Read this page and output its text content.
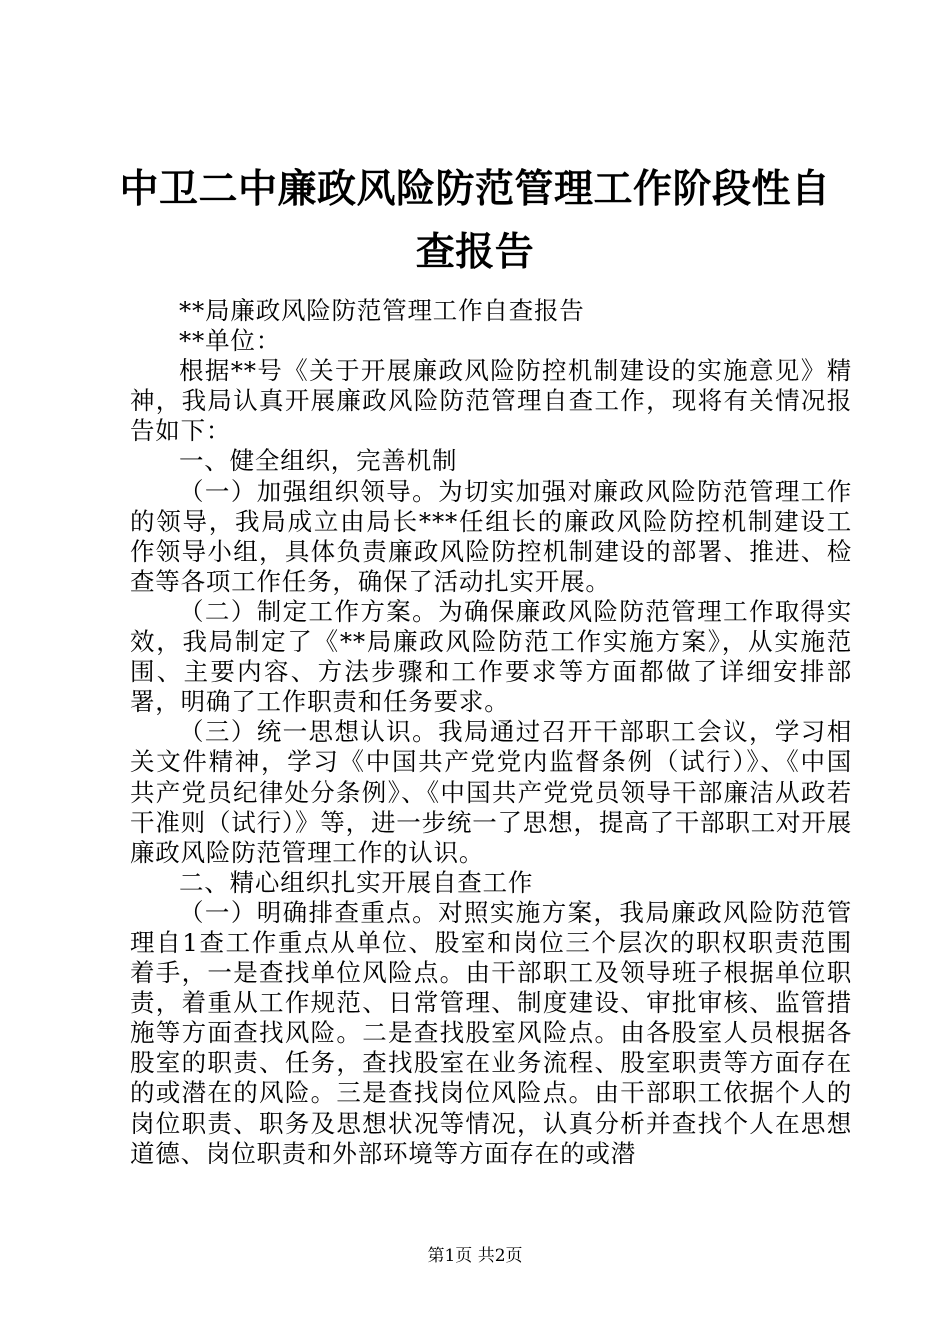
中卫二中廉政风险防范管理工作阶段性自查报告

**局廉政风险防范管理工作自查报告

**单位：

根据**号《关于开展廉政风险防控机制建设的实施意见》精神，我局认真开展廉政风险防范管理自查工作，现将有关情况报告如下：

一、健全组织，完善机制

（一）加强组织领导。为切实加强对廉政风险防范管理工作的领导，我局成立由局长***任组长的廉政风险防控机制建设工作领导小组，具体负责廉政风险防控机制建设的部署、推进、检查等各项工作任务，确保了活动扎实开展。

（二）制定工作方案。为确保廉政风险防范管理工作取得实效，我局制定了《**局廉政风险防范工作实施方案》，从实施范围、主要内容、方法步骤和工作要求等方面都做了详细安排部署，明确了工作职责和任务要求。

（三）统一思想认识。我局通过召开干部职工会议，学习相关文件精神，学习《中国共产党党内监督条例（试行）》、《中国共产党员纪律处分条例》、《中国共产党党员领导干部廉洁从政若干准则（试行）》等，进一步统一了思想，提高了干部职工对开展廉政风险防范管理工作的认识。

二、精心组织扎实开展自查工作

（一）明确排查重点。对照实施方案，我局廉政风险防范管理自1查工作重点从单位、股室和岗位三个层次的职权职责范围着手，一是查找单位风险点。由干部职工及领导班子根据单位职责，着重从工作规范、日常管理、制度建设、审批审核、监管措施等方面查找风险。二是查找股室风险点。由各股室人员根据各股室的职责、任务，查找股室在业务流程、股室职责等方面存在的或潜在的风险。三是查找岗位风险点。由干部职工依据个人的岗位职责、职务及思想状况等情况，认真分析并查找个人在思想道德、岗位职责和外部环境等方面存在的或潜

第1页 共2页
